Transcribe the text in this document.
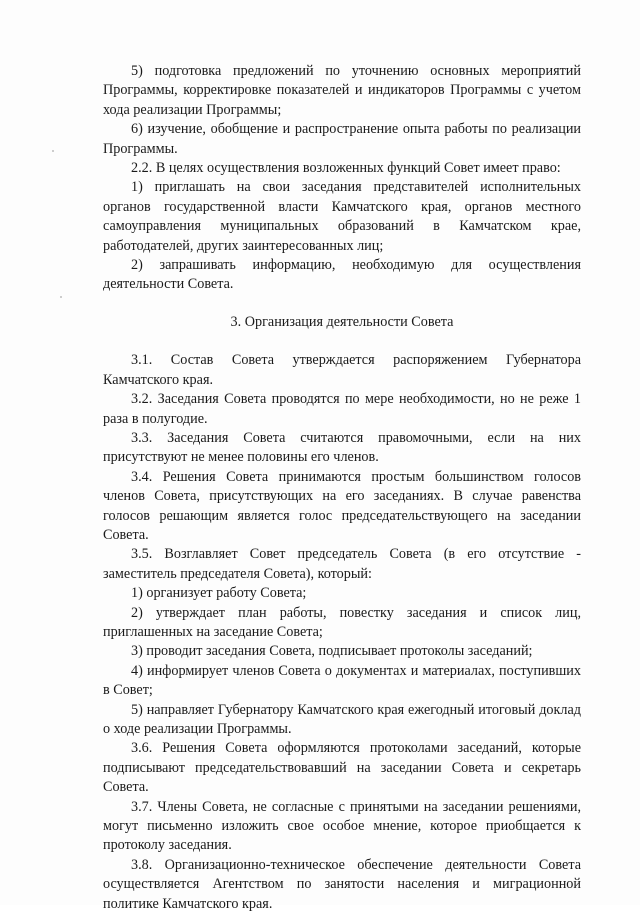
5) подготовка предложений по уточнению основных мероприятий Программы, корректировке показателей и индикаторов Программы с учетом хода реализации Программы;

6) изучение, обобщение и распространение опыта работы по реализации Программы.

2.2. В целях осуществления возложенных функций Совет имеет право:

1) приглашать на свои заседания представителей исполнительных органов государственной власти Камчатского края, органов местного самоуправления муниципальных образований в Камчатском крае, работодателей, других заинтересованных лиц;

2) запрашивать информацию, необходимую для осуществления деятельности Совета.

3. Организация деятельности Совета

3.1. Состав Совета утверждается распоряжением Губернатора Камчатского края.

3.2. Заседания Совета проводятся по мере необходимости, но не реже 1 раза в полугодие.

3.3. Заседания Совета считаются правомочными, если на них присутствуют не менее половины его членов.

3.4. Решения Совета принимаются простым большинством голосов членов Совета, присутствующих на его заседаниях. В случае равенства голосов решающим является голос председательствующего на заседании Совета.

3.5. Возглавляет Совет председатель Совета (в его отсутствие - заместитель председателя Совета), который:

1) организует работу Совета;

2) утверждает план работы, повестку заседания и список лиц, приглашенных на заседание Совета;

3) проводит заседания Совета, подписывает протоколы заседаний;

4) информирует членов Совета о документах и материалах, поступивших в Совет;

5) направляет Губернатору Камчатского края ежегодный итоговый доклад о ходе реализации Программы.

3.6. Решения Совета оформляются протоколами заседаний, которые подписывают председательствовавший на заседании Совета и секретарь Совета.

3.7. Члены Совета, не согласные с принятыми на заседании решениями, могут письменно изложить свое особое мнение, которое приобщается к протоколу заседания.

3.8. Организационно-техническое обеспечение деятельности Совета осуществляется Агентством по занятости населения и миграционной политике Камчатского края.
